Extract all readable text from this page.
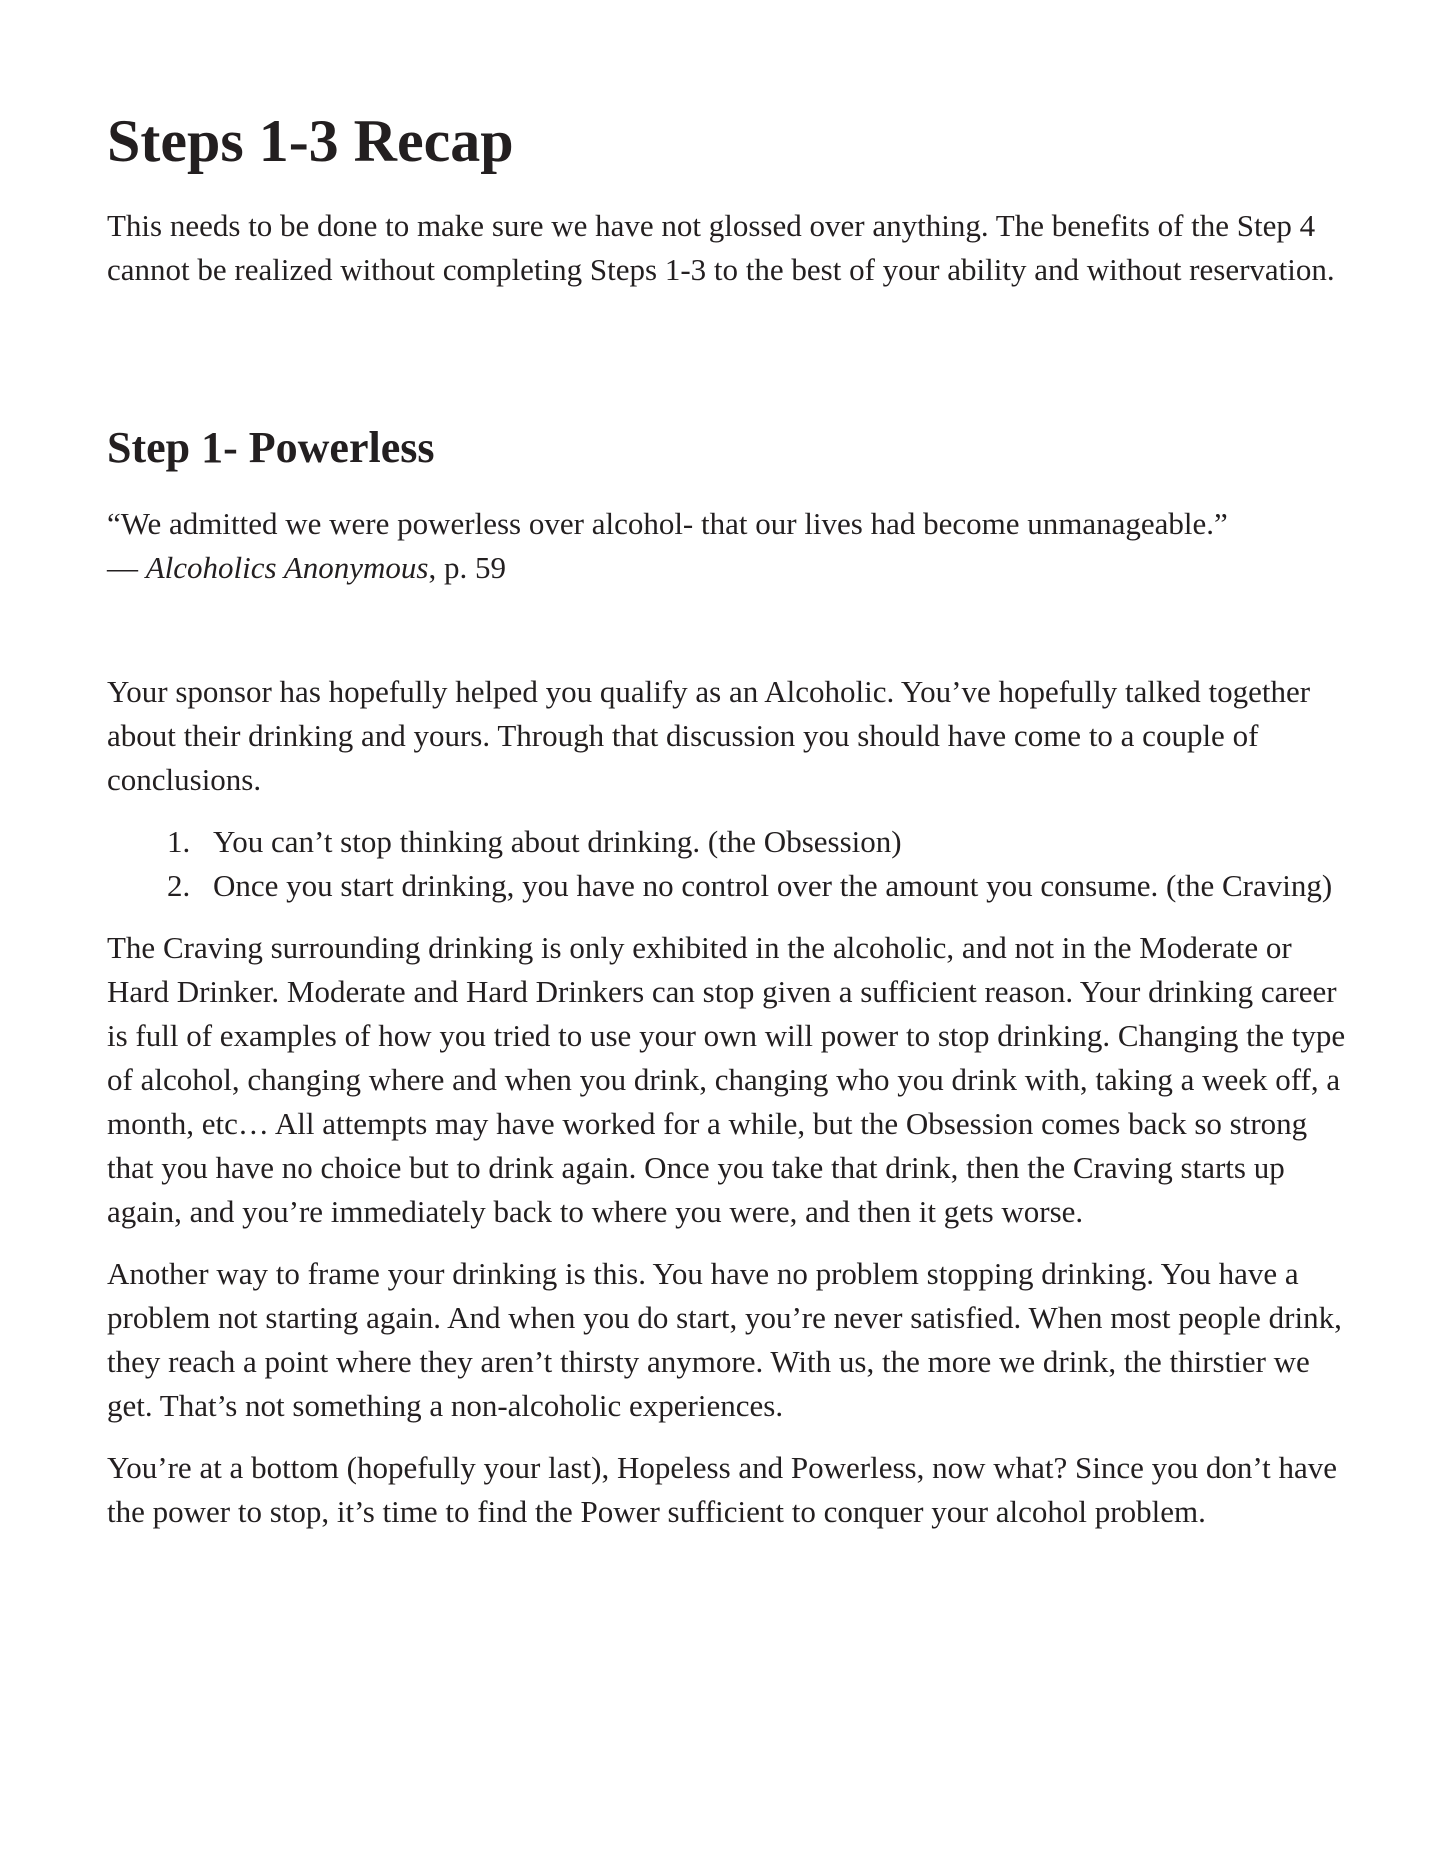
Steps 1-3 Recap

This needs to be done to make sure we have not glossed over anything. The benefits of the Step 4 cannot be realized without completing Steps 1-3 to the best of your ability and without reservation.

Step 1- Powerless

“We admitted we were powerless over alcohol- that our lives had become unmanageable.”
— Alcoholics Anonymous, p. 59

Your sponsor has hopefully helped you qualify as an Alcoholic. You’ve hopefully talked together about their drinking and yours. Through that discussion you should have come to a couple of conclusions.

1. You can’t stop thinking about drinking. (the Obsession)
2. Once you start drinking, you have no control over the amount you consume. (the Craving)

The Craving surrounding drinking is only exhibited in the alcoholic, and not in the Moderate or Hard Drinker. Moderate and Hard Drinkers can stop given a sufficient reason. Your drinking career is full of examples of how you tried to use your own will power to stop drinking. Changing the type of alcohol, changing where and when you drink, changing who you drink with, taking a week off, a month, etc… All attempts may have worked for a while, but the Obsession comes back so strong that you have no choice but to drink again. Once you take that drink, then the Craving starts up again, and you’re immediately back to where you were, and then it gets worse.

Another way to frame your drinking is this. You have no problem stopping drinking. You have a problem not starting again. And when you do start, you’re never satisfied. When most people drink, they reach a point where they aren’t thirsty anymore. With us, the more we drink, the thirstier we get. That’s not something a non-alcoholic experiences.

You’re at a bottom (hopefully your last), Hopeless and Powerless, now what? Since you don’t have the power to stop, it’s time to find the Power sufficient to conquer your alcohol problem.
